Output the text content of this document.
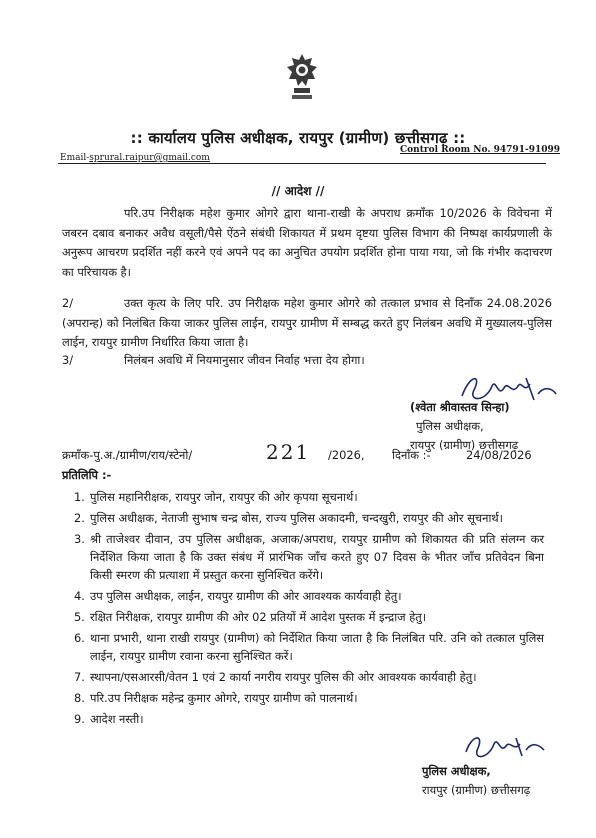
:: कार्यालय पुलिस अधीक्षक, रायपुर (ग्रामीण) छत्तीसगढ़ ::
Control Room No. 94791-91099
Email-sprural.raipur@gmail.com
// आदेश //
परि.उप निरीक्षक महेश कुमार ओगरे द्वारा थाना-राखी के अपराध क्रमाँक 10/2026 के विवेचना में जबरन दबाव बनाकर अवैध वसूली/पैसे ऐंठने संबंधी शिकायत में प्रथम दृष्टया पुलिस विभाग की निष्पक्ष कार्यप्रणाली के अनुरूप आचरण प्रदर्शित नहीं करने एवं अपने पद का अनुचित उपयोग प्रदर्शित होना पाया गया, जो कि गंभीर कदाचरण का परिचायक है।
2/	उक्त कृत्य के लिए परि. उप निरीक्षक महेश कुमार ओगरे को तत्काल प्रभाव से दिनाँक 24.08.2026 (अपरान्ह) को निलंबित किया जाकर पुलिस लाईन, रायपुर ग्रामीण में सम्बद्ध करते हुए निलंबन अवधि में मुख्यालय-पुलिस लाईन, रायपुर ग्रामीण निर्धारित किया जाता है।
3/	निलंबन अवधि में नियमानुसार जीवन निर्वाह भत्ता देय होगा।
(श्वेता श्रीवास्तव सिन्हा)
पुलिस अधीक्षक,
रायपुर (ग्रामीण) छत्तीसगढ़
क्रमाँक-पु.अ./ग्रामीण/राय/स्टेनो/	221 /2026, दिनाँक :-	24/08/2026
प्रतिलिपि :-
1. पुलिस महानिरीक्षक, रायपुर जोन, रायपुर की ओर कृपया सूचनार्थ।
2. पुलिस अधीक्षक, नेताजी सुभाष चन्द्र बोस, राज्य पुलिस अकादमी, चन्दखुरी, रायपुर की ओर सूचनार्थ।
3. श्री ताजेश्वर दीवान, उप पुलिस अधीक्षक, अजाक/अपराध, रायपुर ग्रामीण को शिकायत की प्रति संलग्न कर निर्देशित किया जाता है कि उक्त संबंध में प्रारंभिक जाँच करते हुए 07 दिवस के भीतर जाँच प्रतिवेदन बिना किसी स्मरण की प्रत्याशा में प्रस्तुत करना सुनिश्चित करेंगे।
4. उप पुलिस अधीक्षक, लाईन, रायपुर ग्रामीण की ओर आवश्यक कार्यवाही हेतु।
5. रक्षित निरीक्षक, रायपुर ग्रामीण की ओर 02 प्रतियों में आदेश पुस्तक में इन्द्राज हेतु।
6. थाना प्रभारी, थाना राखी रायपुर (ग्रामीण) को निर्देशित किया जाता है कि निलंबित परि. उनि को तत्काल पुलिस लाईन, रायपुर ग्रामीण रवाना करना सुनिश्चित करें।
7. स्थापना/एसआरसी/वेतन 1 एवं 2 कार्या नगरीय रायपुर पुलिस की ओर आवश्यक कार्यवाही हेतु।
8. परि.उप निरीक्षक महेन्द्र कुमार ओगरे, रायपुर ग्रामीण को पालनार्थ।
9. आदेश नस्ती।
पुलिस अधीक्षक,
रायपुर (ग्रामीण) छत्तीसगढ़
